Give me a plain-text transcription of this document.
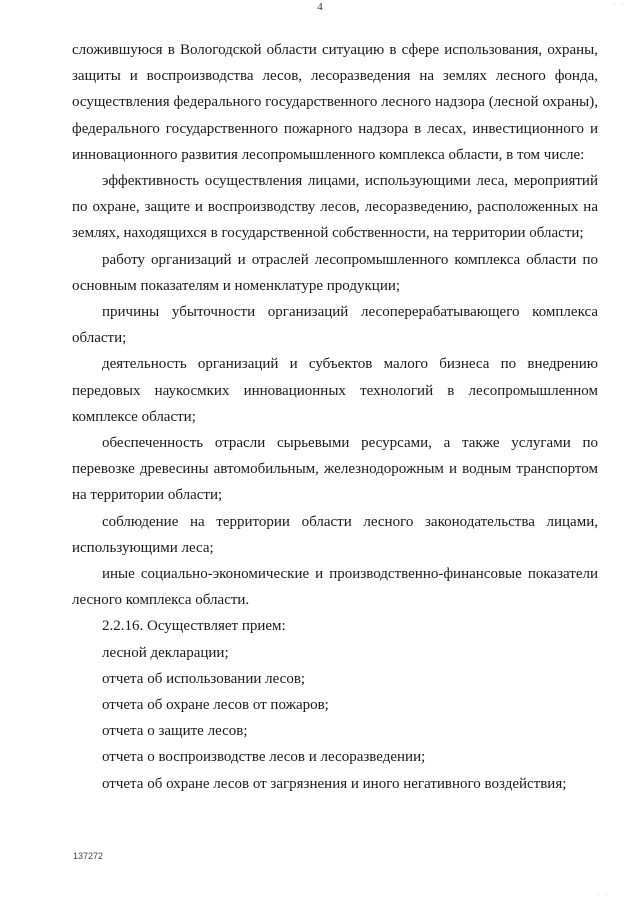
· ·
4

сложившуюся в Вологодской области ситуацию в сфере использования, охраны, защиты и воспроизводства лесов, лесоразведения на землях лесного фонда, осуществления федерального государственного лесного надзора (лесной охраны), федерального государственного пожарного надзора в лесах, инвестиционного и инновационного развития лесопромышленного комплекса области, в том числе:

эффективность осуществления лицами, использующими леса, мероприятий по охране, защите и воспроизводству лесов, лесоразведению, расположенных на землях, находящихся в государственной собственности, на территории области;

работу организаций и отраслей лесопромышленного комплекса области по основным показателям и номенклатуре продукции;

причины убыточности организаций лесоперерабатывающего комплекса области;

деятельность организаций и субъектов малого бизнеса по внедрению передовых наукосмких инновационных технологий в лесопромышленном комплексе области;

обеспеченность отрасли сырьевыми ресурсами, а также услугами по перевозке древесины автомобильным, железнодорожным и водным транспортом на территории области;

соблюдение на территории области лесного законодательства лицами, использующими леса;

иные социально-экономические и производственно-финансовые показатели лесного комплекса области.

2.2.16. Осуществляет прием:

лесной декларации;

отчета об использовании лесов;

отчета об охране лесов от пожаров;

отчета о защите лесов;

отчета о воспроизводстве лесов и лесоразведении;

отчета об охране лесов от загрязнения и иного негативного воздействия;

137272
· ·
